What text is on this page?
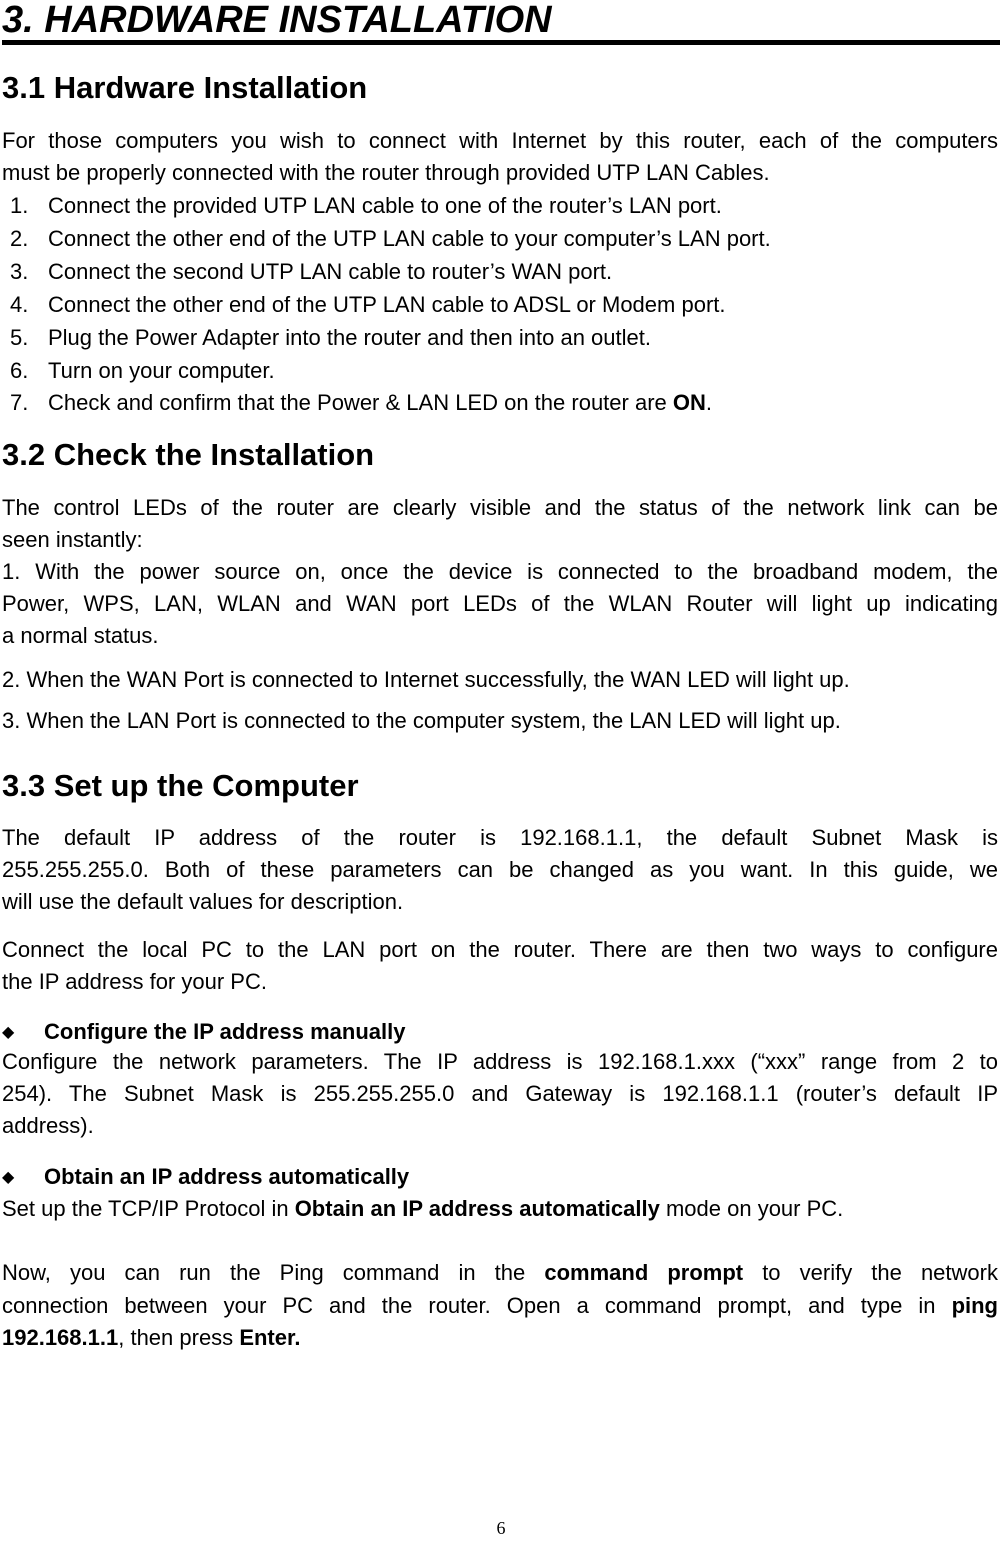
3. HARDWARE INSTALLATION
3.1 Hardware Installation
For those computers you wish to connect with Internet by this router, each of the computers
must be properly connected with the router through provided UTP LAN Cables.
1. Connect the provided UTP LAN cable to one of the router’s LAN port.
2. Connect the other end of the UTP LAN cable to your computer’s LAN port.
3. Connect the second UTP LAN cable to router’s WAN port.
4. Connect the other end of the UTP LAN cable to ADSL or Modem port.
5. Plug the Power Adapter into the router and then into an outlet.
6. Turn on your computer.
7. Check and confirm that the Power & LAN LED on the router are ON.
3.2 Check the Installation
The control LEDs of the router are clearly visible and the status of the network link can be
seen instantly:
1. With the power source on, once the device is connected to the broadband modem, the
Power, WPS, LAN, WLAN and WAN port LEDs of the WLAN Router will light up indicating
a normal status.
2. When the WAN Port is connected to Internet successfully, the WAN LED will light up.
3. When the LAN Port is connected to the computer system, the LAN LED will light up.
3.3 Set up the Computer
The default IP address of the router is 192.168.1.1, the default Subnet Mask is
255.255.255.0. Both of these parameters can be changed as you want. In this guide, we
will use the default values for description.
Connect the local PC to the LAN port on the router. There are then two ways to configure
the IP address for your PC.
◆ Configure the IP address manually
Configure the network parameters. The IP address is 192.168.1.xxx (“xxx” range from 2 to
254). The Subnet Mask is 255.255.255.0 and Gateway is 192.168.1.1 (router’s default IP
address).
◆ Obtain an IP address automatically
Set up the TCP/IP Protocol in Obtain an IP address automatically mode on your PC.
Now, you can run the Ping command in the command prompt to verify the network
connection between your PC and the router. Open a command prompt, and type in ping
192.168.1.1, then press Enter.
6
